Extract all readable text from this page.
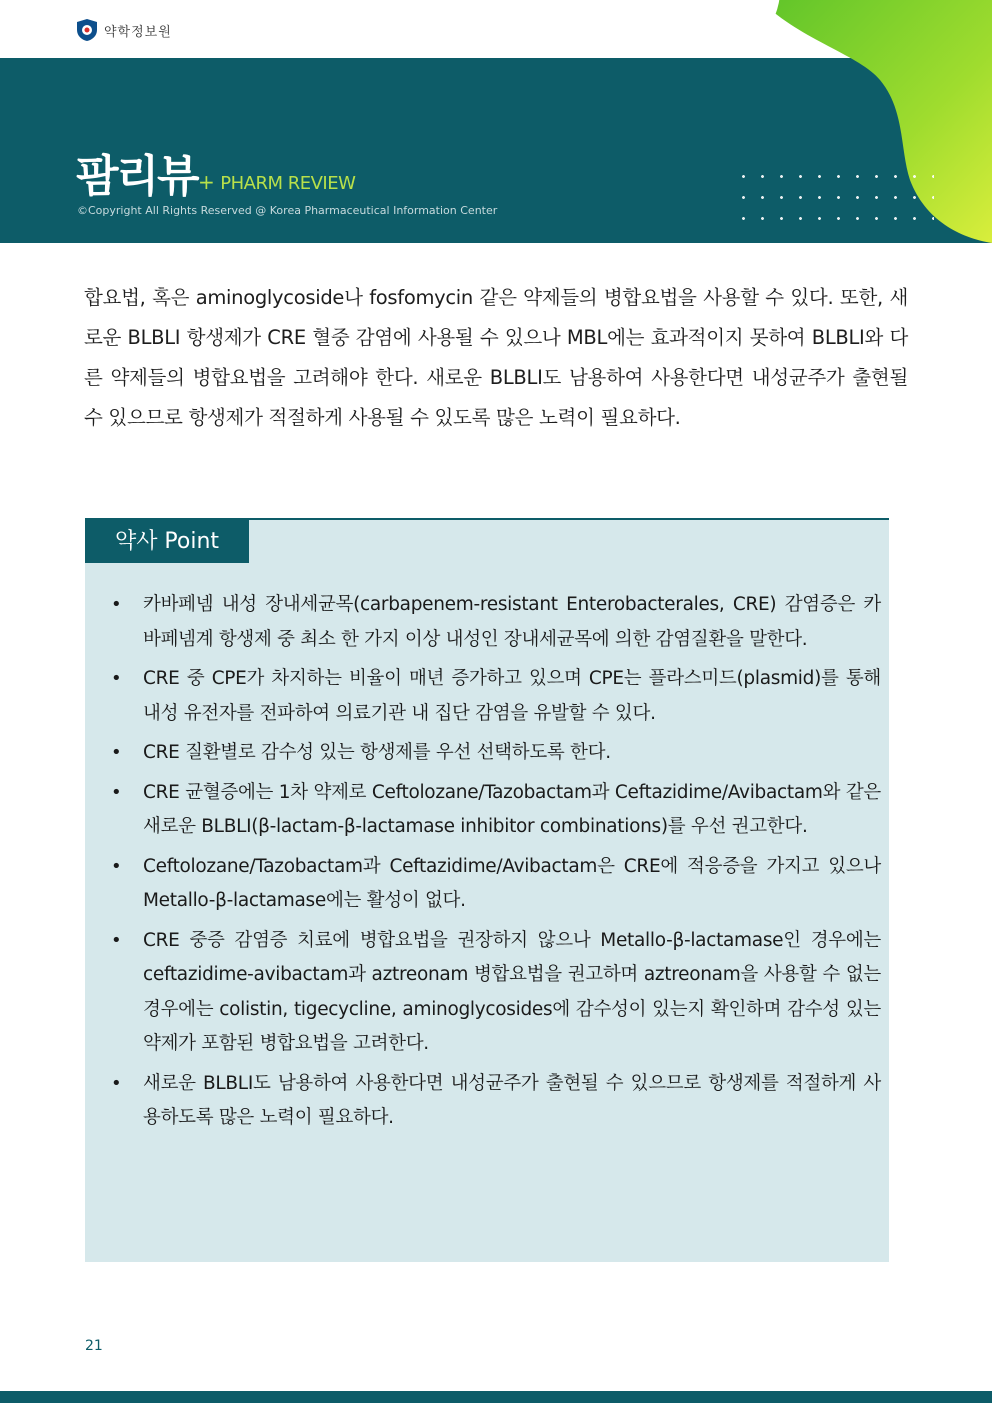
약학정보원
팜리뷰 + PHARM REVIEW
©Copyright All Rights Reserved @ Korea Pharmaceutical Information Center

합요법, 혹은 aminoglycoside나 fosfomycin 같은 약제들의 병합요법을 사용할 수 있다. 또한, 새로운 BLBLI 항생제가 CRE 혈중 감염에 사용될 수 있으나 MBL에는 효과적이지 못하여 BLBLI와 다른 약제들의 병합요법을 고려해야 한다. 새로운 BLBLI도 남용하여 사용한다면 내성균주가 출현될 수 있으므로 항생제가 적절하게 사용될 수 있도록 많은 노력이 필요하다.

약사 Point
• 카바페넴 내성 장내세균목(carbapenem-resistant Enterobacterales, CRE) 감염증은 카바페넴계 항생제 중 최소 한 가지 이상 내성인 장내세균목에 의한 감염질환을 말한다.
• CRE 중 CPE가 차지하는 비율이 매년 증가하고 있으며 CPE는 플라스미드(plasmid)를 통해 내성 유전자를 전파하여 의료기관 내 집단 감염을 유발할 수 있다.
• CRE 질환별로 감수성 있는 항생제를 우선 선택하도록 한다.
• CRE 균혈증에는 1차 약제로 Ceftolozane/Tazobactam과 Ceftazidime/Avibactam와 같은 새로운 BLBLI(β-lactam‐β-lactamase inhibitor combinations)를 우선 권고한다.
• Ceftolozane/Tazobactam과 Ceftazidime/Avibactam은 CRE에 적응증을 가지고 있으나 Metallo-β-lactamase에는 활성이 없다.
• CRE 중증 감염증 치료에 병합요법을 권장하지 않으나 Metallo-β-lactamase인 경우에는 ceftazidime-avibactam과 aztreonam 병합요법을 권고하며 aztreonam을 사용할 수 없는 경우에는 colistin, tigecycline, aminoglycosides에 감수성이 있는지 확인하며 감수성 있는 약제가 포함된 병합요법을 고려한다.
• 새로운 BLBLI도 남용하여 사용한다면 내성균주가 출현될 수 있으므로 항생제를 적절하게 사용하도록 많은 노력이 필요하다.
21
